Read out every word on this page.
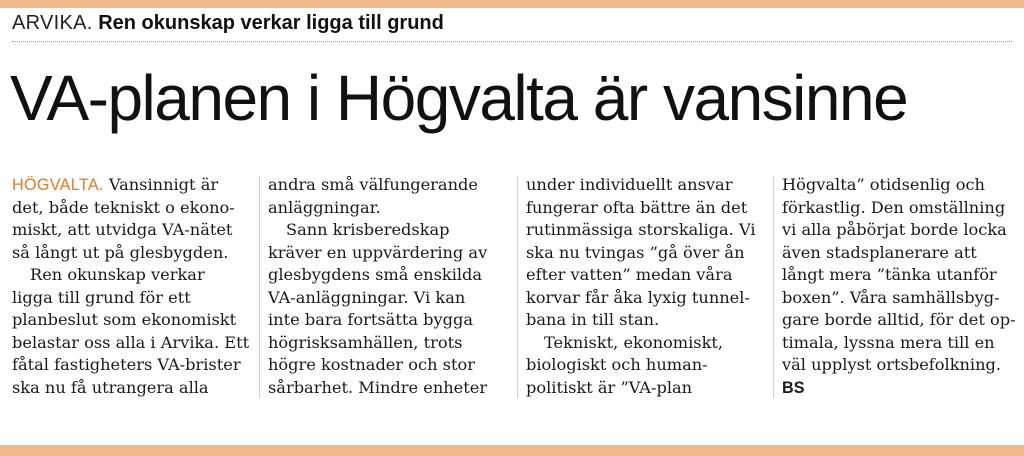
ARVIKA. Ren okunskap verkar ligga till grund
VA-planen i Högvalta är vansinne
HÖGVALTA. Vansinnigt är
det, både tekniskt o ekono-
miskt, att utvidga VA-nätet
så långt ut på glesbygden.
Ren okunskap verkar
ligga till grund för ett
planbeslut som ekonomiskt
belastar oss alla i Arvika. Ett
fåtal fastigheters VA-brister
ska nu få utrangera alla
andra små välfungerande
anläggningar.
Sann krisberedskap
kräver en uppvärdering av
glesbygdens små enskilda
VA-anläggningar. Vi kan
inte bara fortsätta bygga
högrisksamhällen, trots
högre kostnader och stor
sårbarhet. Mindre enheter
under individuellt ansvar
fungerar ofta bättre än det
rutinmässiga storskaliga. Vi
ska nu tvingas ”gå över ån
efter vatten” medan våra
korvar får åka lyxig tunnel-
bana in till stan.
Tekniskt, ekonomiskt,
biologiskt och human-
politiskt är ”VA-plan
Högvalta” otidsenlig och
förkastlig. Den omställning
vi alla påbörjat borde locka
även stadsplanerare att
långt mera ”tänka utanför
boxen”. Våra samhällsbyg-
gare borde alltid, för det op-
timala, lyssna mera till en
väl upplyst ortsbefolkning.
BS
